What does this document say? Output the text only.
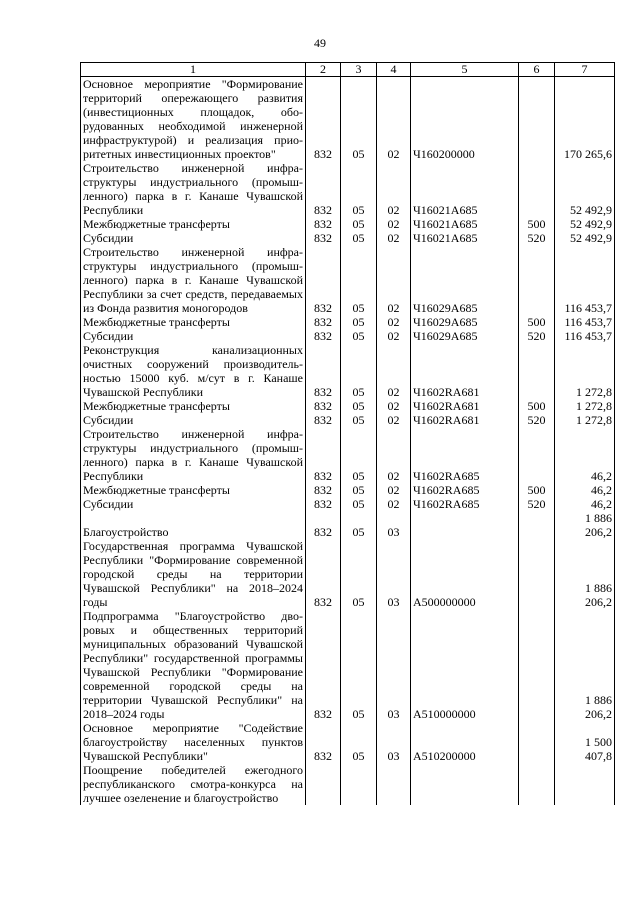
49
1	2	3	4	5	6	7
Основное мероприятие "Формирование территорий опережающего развития (инвестиционных площадок, оборудованных необходимой инженерной инфраструктурой) и реализация приоритетных инвестиционных проектов"	832	05	02	Ч160200000		170 265,6
Строительство инженерной инфраструктуры индустриального (промышленного) парка в г. Канаше Чувашской Республики	832	05	02	Ч16021А685		52 492,9
Межбюджетные трансферты	832	05	02	Ч16021А685	500	52 492,9
Субсидии	832	05	02	Ч16021А685	520	52 492,9
Строительство инженерной инфраструктуры индустриального (промышленного) парка в г. Канаше Чувашской Республики за счет средств, передаваемых из Фонда развития моногородов	832	05	02	Ч16029А685		116 453,7
Межбюджетные трансферты	832	05	02	Ч16029А685	500	116 453,7
Субсидии	832	05	02	Ч16029А685	520	116 453,7
Реконструкция канализационных очистных сооружений производительностью 15000 куб. м/сут в г. Канаше Чувашской Республики	832	05	02	Ч1602RА681		1 272,8
Межбюджетные трансферты	832	05	02	Ч1602RА681	500	1 272,8
Субсидии	832	05	02	Ч1602RА681	520	1 272,8
Строительство инженерной инфраструктуры индустриального (промышленного) парка в г. Канаше Чувашской Республики	832	05	02	Ч1602RА685		46,2
Межбюджетные трансферты	832	05	02	Ч1602RА685	500	46,2
Субсидии	832	05	02	Ч1602RА685	520	46,2
Благоустройство	832	05	03			1 886 206,2
Государственная программа Чувашской Республики "Формирование современной городской среды на территории Чувашской Республики" на 2018–2024 годы	832	05	03	А500000000		1 886 206,2
Подпрограмма "Благоустройство дворовых и общественных территорий муниципальных образований Чувашской Республики" государственной программы Чувашской Республики "Формирование современной городской среды на территории Чувашской Республики" на 2018–2024 годы	832	05	03	А510000000		1 886 206,2
Основное мероприятие "Содействие благоустройству населенных пунктов Чувашской Республики"	832	05	03	А510200000		1 500 407,8
Поощрение победителей ежегодного республиканского смотра-конкурса на лучшее озеленение и благоустройство						
